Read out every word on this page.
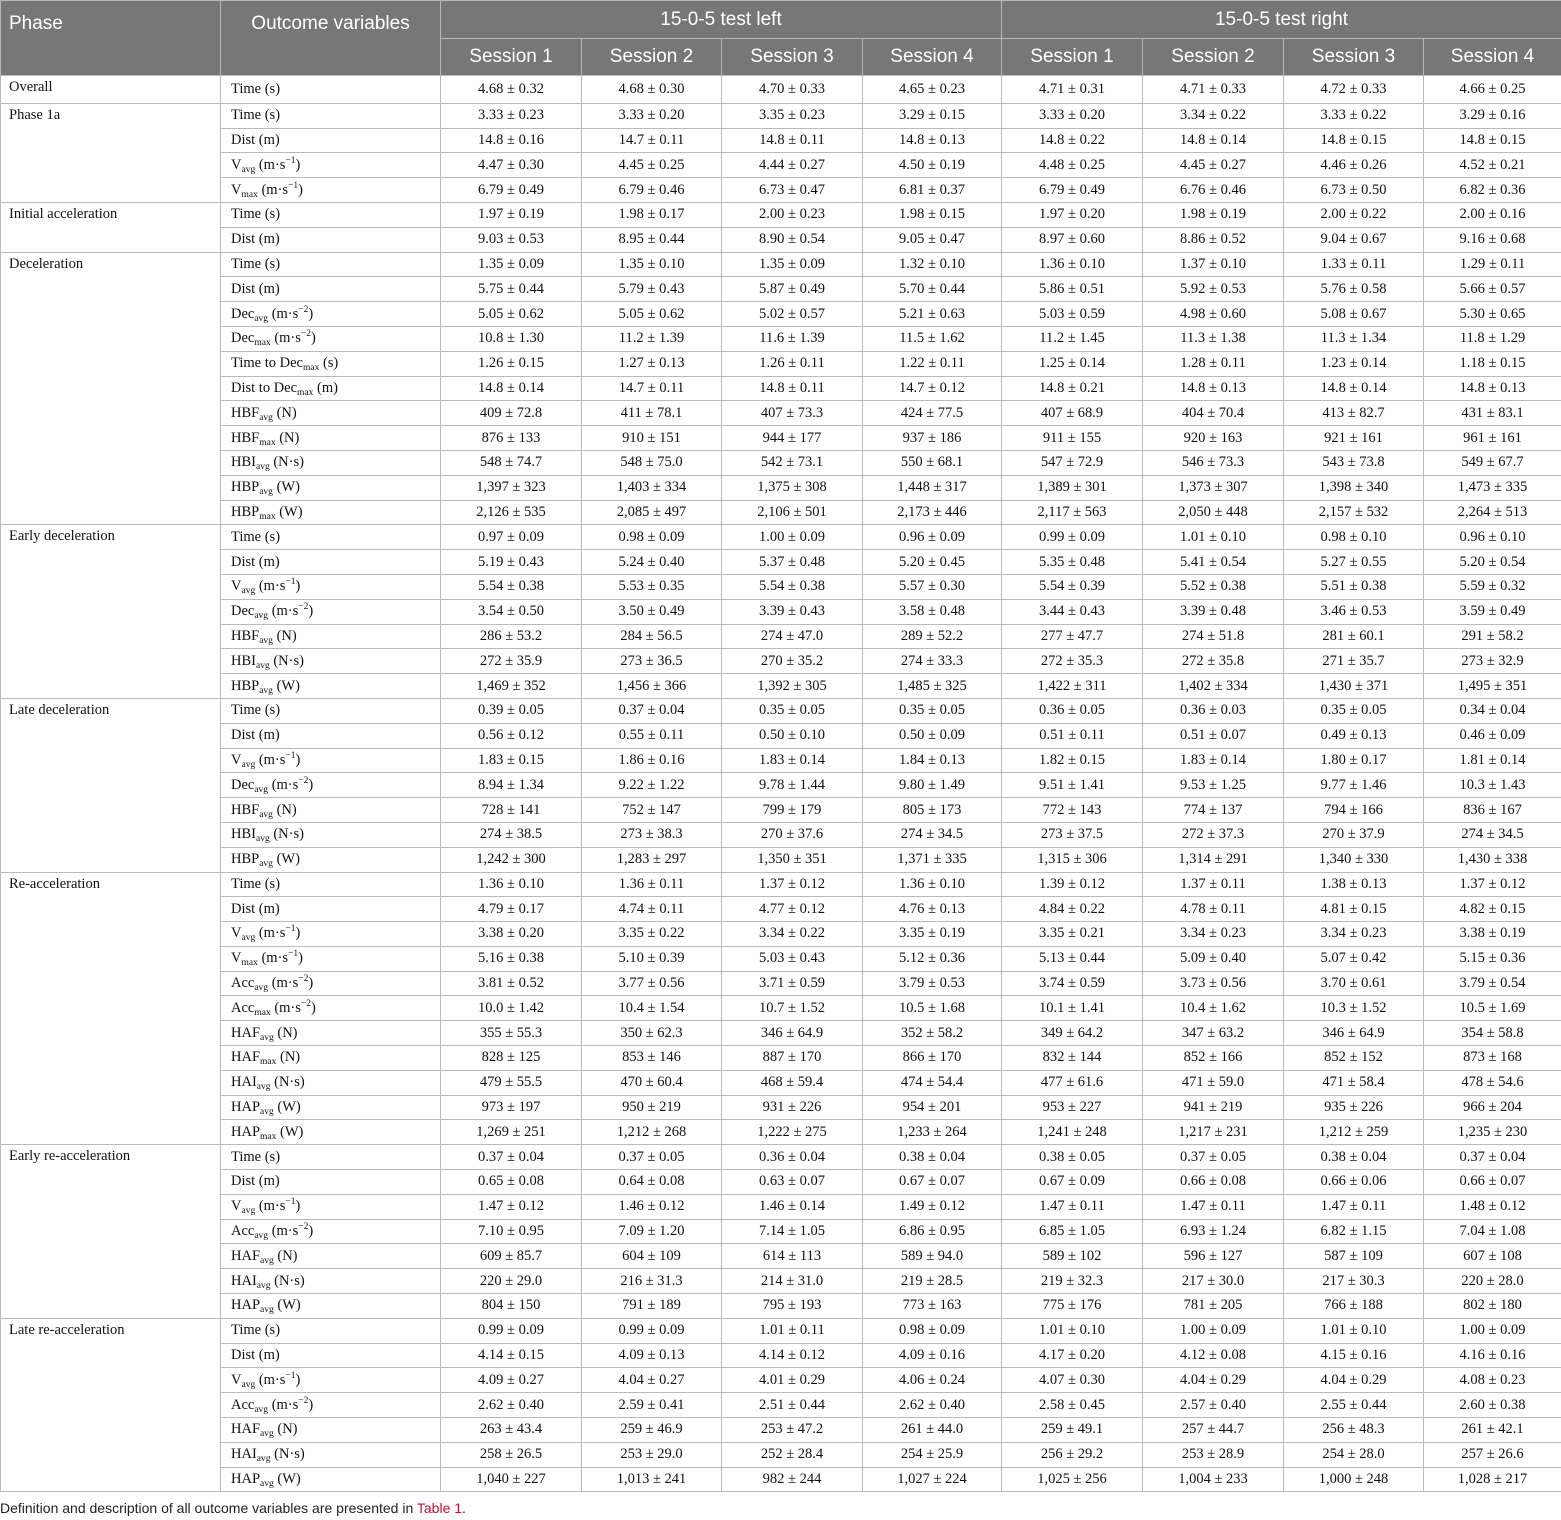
Phase	Outcome variables	15-0-5 test left				15-0-5 test right			
		Session 1	Session 2	Session 3	Session 4	Session 1	Session 2	Session 3	Session 4
Overall	Time (s)	4.68 ± 0.32	4.68 ± 0.30	4.70 ± 0.33	4.65 ± 0.23	4.71 ± 0.31	4.71 ± 0.33	4.72 ± 0.33	4.66 ± 0.25
Phase 1a	Time (s)	3.33 ± 0.23	3.33 ± 0.20	3.35 ± 0.23	3.29 ± 0.15	3.33 ± 0.20	3.34 ± 0.22	3.33 ± 0.22	3.29 ± 0.16
	Dist (m)	14.8 ± 0.16	14.7 ± 0.11	14.8 ± 0.11	14.8 ± 0.13	14.8 ± 0.22	14.8 ± 0.14	14.8 ± 0.15	14.8 ± 0.15
	$V_{avg}$ $(m\cdot s^{-1})$	4.47 ± 0.30	4.45 ± 0.25	4.44 ± 0.27	4.50 ± 0.19	4.48 ± 0.25	4.45 ± 0.27	4.46 ± 0.26	4.52 ± 0.21
	$V_{max}$ $(m\cdot s^{-1})$	6.79 ± 0.49	6.79 ± 0.46	6.73 ± 0.47	6.81 ± 0.37	6.79 ± 0.49	6.76 ± 0.46	6.73 ± 0.50	6.82 ± 0.36
Initial acceleration	Time (s)	1.97 ± 0.19	1.98 ± 0.17	2.00 ± 0.23	1.98 ± 0.15	1.97 ± 0.20	1.98 ± 0.19	2.00 ± 0.22	2.00 ± 0.16
	Dist (m)	9.03 ± 0.53	8.95 ± 0.44	8.90 ± 0.54	9.05 ± 0.47	8.97 ± 0.60	8.86 ± 0.52	9.04 ± 0.67	9.16 ± 0.68
Deceleration	Time (s)	1.35 ± 0.09	1.35 ± 0.10	1.35 ± 0.09	1.32 ± 0.10	1.36 ± 0.10	1.37 ± 0.10	1.33 ± 0.11	1.29 ± 0.11
	Dist (m)	5.75 ± 0.44	5.79 ± 0.43	5.87 ± 0.49	5.70 ± 0.44	5.86 ± 0.51	5.92 ± 0.53	5.76 ± 0.58	5.66 ± 0.57
	Dec$_{avg}$ $(m\cdot s^{-2})$	5.05 ± 0.62	5.05 ± 0.62	5.02 ± 0.57	5.21 ± 0.63	5.03 ± 0.59	4.98 ± 0.60	5.08 ± 0.67	5.30 ± 0.65
	Dec$_{max}$ $(m\cdot s^{-2})$	10.8 ± 1.30	11.2 ± 1.39	11.6 ± 1.39	11.5 ± 1.62	11.2 ± 1.45	11.3 ± 1.38	11.3 ± 1.34	11.8 ± 1.29
	Time to Dec$_{max}$ (s)	1.26 ± 0.15	1.27 ± 0.13	1.26 ± 0.11	1.22 ± 0.11	1.25 ± 0.14	1.28 ± 0.11	1.23 ± 0.14	1.18 ± 0.15
	Dist to Dec$_{max}$ (m)	14.8 ± 0.14	14.7 ± 0.11	14.8 ± 0.11	14.7 ± 0.12	14.8 ± 0.21	14.8 ± 0.13	14.8 ± 0.14	14.8 ± 0.13
	$HBF_{avg}$ (N)	409 ± 72.8	411 ± 78.1	407 ± 73.3	424 ± 77.5	407 ± 68.9	404 ± 70.4	413 ± 82.7	431 ± 83.1
	$HBF_{max}$ (N)	876 ± 133	910 ± 151	944 ± 177	937 ± 186	911 ± 155	920 ± 163	921 ± 161	961 ± 161
	$HBI_{avg}$ (N·s)	548 ± 74.7	548 ± 75.0	542 ± 73.1	550 ± 68.1	547 ± 72.9	546 ± 73.3	543 ± 73.8	549 ± 67.7
	$HBP_{avg}$ (W)	1,397 ± 323	1,403 ± 334	1,375 ± 308	1,448 ± 317	1,389 ± 301	1,373 ± 307	1,398 ± 340	1,473 ± 335
	$HBP_{max}$ (W)	2,126 ± 535	2,085 ± 497	2,106 ± 501	2,173 ± 446	2,117 ± 563	2,050 ± 448	2,157 ± 532	2,264 ± 513
Early deceleration	Time (s)	0.97 ± 0.09	0.98 ± 0.09	1.00 ± 0.09	0.96 ± 0.09	0.99 ± 0.09	1.01 ± 0.10	0.98 ± 0.10	0.96 ± 0.10
	Dist (m)	5.19 ± 0.43	5.24 ± 0.40	5.37 ± 0.48	5.20 ± 0.45	5.35 ± 0.48	5.41 ± 0.54	5.27 ± 0.55	5.20 ± 0.54
	$V_{avg}$ $(m\cdot s^{-1})$	5.54 ± 0.38	5.53 ± 0.35	5.54 ± 0.38	5.57 ± 0.30	5.54 ± 0.39	5.52 ± 0.38	5.51 ± 0.38	5.59 ± 0.32
	Dec$_{avg}$ $(m\cdot s^{-2})$	3.54 ± 0.50	3.50 ± 0.49	3.39 ± 0.43	3.58 ± 0.48	3.44 ± 0.43	3.39 ± 0.48	3.46 ± 0.53	3.59 ± 0.49
	$HBF_{avg}$ (N)	286 ± 53.2	284 ± 56.5	274 ± 47.0	289 ± 52.2	277 ± 47.7	274 ± 51.8	281 ± 60.1	291 ± 58.2
	$HBI_{avg}$ (N·s)	272 ± 35.9	273 ± 36.5	270 ± 35.2	274 ± 33.3	272 ± 35.3	272 ± 35.8	271 ± 35.7	273 ± 32.9
	$HBP_{avg}$ (W)	1,469 ± 352	1,456 ± 366	1,392 ± 305	1,485 ± 325	1,422 ± 311	1,402 ± 334	1,430 ± 371	1,495 ± 351
Late deceleration	Time (s)	0.39 ± 0.05	0.37 ± 0.04	0.35 ± 0.05	0.35 ± 0.05	0.36 ± 0.05	0.36 ± 0.03	0.35 ± 0.05	0.34 ± 0.04
	Dist (m)	0.56 ± 0.12	0.55 ± 0.11	0.50 ± 0.10	0.50 ± 0.09	0.51 ± 0.11	0.51 ± 0.07	0.49 ± 0.13	0.46 ± 0.09
	$V_{avg}$ $(m\cdot s^{-1})$	1.83 ± 0.15	1.86 ± 0.16	1.83 ± 0.14	1.84 ± 0.13	1.82 ± 0.15	1.83 ± 0.14	1.80 ± 0.17	1.81 ± 0.14
	Dec$_{avg}$ $(m\cdot s^{-2})$	8.94 ± 1.34	9.22 ± 1.22	9.78 ± 1.44	9.80 ± 1.49	9.51 ± 1.41	9.53 ± 1.25	9.77 ± 1.46	10.3 ± 1.43
	$HBF_{avg}$ (N)	728 ± 141	752 ± 147	799 ± 179	805 ± 173	772 ± 143	774 ± 137	794 ± 166	836 ± 167
	$HBI_{avg}$ (N·s)	274 ± 38.5	273 ± 38.3	270 ± 37.6	274 ± 34.5	273 ± 37.5	272 ± 37.3	270 ± 37.9	274 ± 34.5
	$HBP_{avg}$ (W)	1,242 ± 300	1,283 ± 297	1,350 ± 351	1,371 ± 335	1,315 ± 306	1,314 ± 291	1,340 ± 330	1,430 ± 338
Re-acceleration	Time (s)	1.36 ± 0.10	1.36 ± 0.11	1.37 ± 0.12	1.36 ± 0.10	1.39 ± 0.12	1.37 ± 0.11	1.38 ± 0.13	1.37 ± 0.12
	Dist (m)	4.79 ± 0.17	4.74 ± 0.11	4.77 ± 0.12	4.76 ± 0.13	4.84 ± 0.22	4.78 ± 0.11	4.81 ± 0.15	4.82 ± 0.15
	$V_{avg}$ $(m\cdot s^{-1})$	3.38 ± 0.20	3.35 ± 0.22	3.34 ± 0.22	3.35 ± 0.19	3.35 ± 0.21	3.34 ± 0.23	3.34 ± 0.23	3.38 ± 0.19
	$V_{max}$ $(m\cdot s^{-1})$	5.16 ± 0.38	5.10 ± 0.39	5.03 ± 0.43	5.12 ± 0.36	5.13 ± 0.44	5.09 ± 0.40	5.07 ± 0.42	5.15 ± 0.36
	Acc$_{avg}$ $(m\cdot s^{-2})$	3.81 ± 0.52	3.77 ± 0.56	3.71 ± 0.59	3.79 ± 0.53	3.74 ± 0.59	3.73 ± 0.56	3.70 ± 0.61	3.79 ± 0.54
	Acc$_{max}$ $(m\cdot s^{-2})$	10.0 ± 1.42	10.4 ± 1.54	10.7 ± 1.52	10.5 ± 1.68	10.1 ± 1.41	10.4 ± 1.62	10.3 ± 1.52	10.5 ± 1.69
	$HAF_{avg}$ (N)	355 ± 55.3	350 ± 62.3	346 ± 64.9	352 ± 58.2	349 ± 64.2	347 ± 63.2	346 ± 64.9	354 ± 58.8
	$HAF_{max}$ (N)	828 ± 125	853 ± 146	887 ± 170	866 ± 170	832 ± 144	852 ± 166	852 ± 152	873 ± 168
	$HAI_{avg}$ (N·s)	479 ± 55.5	470 ± 60.4	468 ± 59.4	474 ± 54.4	477 ± 61.6	471 ± 59.0	471 ± 58.4	478 ± 54.6
	$HAP_{avg}$ (W)	973 ± 197	950 ± 219	931 ± 226	954 ± 201	953 ± 227	941 ± 219	935 ± 226	966 ± 204
	$HAP_{max}$ (W)	1,269 ± 251	1,212 ± 268	1,222 ± 275	1,233 ± 264	1,241 ± 248	1,217 ± 231	1,212 ± 259	1,235 ± 230
Early re-acceleration	Time (s)	0.37 ± 0.04	0.37 ± 0.05	0.36 ± 0.04	0.38 ± 0.04	0.38 ± 0.05	0.37 ± 0.05	0.38 ± 0.04	0.37 ± 0.04
	Dist (m)	0.65 ± 0.08	0.64 ± 0.08	0.63 ± 0.07	0.67 ± 0.07	0.67 ± 0.09	0.66 ± 0.08	0.66 ± 0.06	0.66 ± 0.07
	$V_{avg}$ $(m\cdot s^{-1})$	1.47 ± 0.12	1.46 ± 0.12	1.46 ± 0.14	1.49 ± 0.12	1.47 ± 0.11	1.47 ± 0.11	1.47 ± 0.11	1.48 ± 0.12
	Acc$_{avg}$ $(m\cdot s^{-2})$	7.10 ± 0.95	7.09 ± 1.20	7.14 ± 1.05	6.86 ± 0.95	6.85 ± 1.05	6.93 ± 1.24	6.82 ± 1.15	7.04 ± 1.08
	$HAF_{avg}$ (N)	609 ± 85.7	604 ± 109	614 ± 113	589 ± 94.0	589 ± 102	596 ± 127	587 ± 109	607 ± 108
	$HAI_{avg}$ (N·s)	220 ± 29.0	216 ± 31.3	214 ± 31.0	219 ± 28.5	219 ± 32.3	217 ± 30.0	217 ± 30.3	220 ± 28.0
	$HAP_{avg}$ (W)	804 ± 150	791 ± 189	795 ± 193	773 ± 163	775 ± 176	781 ± 205	766 ± 188	802 ± 180
Late re-acceleration	Time (s)	0.99 ± 0.09	0.99 ± 0.09	1.01 ± 0.11	0.98 ± 0.09	1.01 ± 0.10	1.00 ± 0.09	1.01 ± 0.10	1.00 ± 0.09
	Dist (m)	4.14 ± 0.15	4.09 ± 0.13	4.14 ± 0.12	4.09 ± 0.16	4.17 ± 0.20	4.12 ± 0.08	4.15 ± 0.16	4.16 ± 0.16
	$V_{avg}$ $(m\cdot s^{-1})$	4.09 ± 0.27	4.04 ± 0.27	4.01 ± 0.29	4.06 ± 0.24	4.07 ± 0.30	4.04 ± 0.29	4.04 ± 0.29	4.08 ± 0.23
	Acc$_{avg}$ $(m\cdot s^{-2})$	2.62 ± 0.40	2.59 ± 0.41	2.51 ± 0.44	2.62 ± 0.40	2.58 ± 0.45	2.57 ± 0.40	2.55 ± 0.44	2.60 ± 0.38
	$HAF_{avg}$ (N)	263 ± 43.4	259 ± 46.9	253 ± 47.2	261 ± 44.0	259 ± 49.1	257 ± 44.7	256 ± 48.3	261 ± 42.1
	$HAI_{avg}$ (N·s)	258 ± 26.5	253 ± 29.0	252 ± 28.4	254 ± 25.9	256 ± 29.2	253 ± 28.9	254 ± 28.0	257 ± 26.6
	$HAP_{avg}$ (W)	1,040 ± 227	1,013 ± 241	982 ± 244	1,027 ± 224	1,025 ± 256	1,004 ± 233	1,000 ± 248	1,028 ± 217
Definition and description of all outcome variables are presented in Table 1.
